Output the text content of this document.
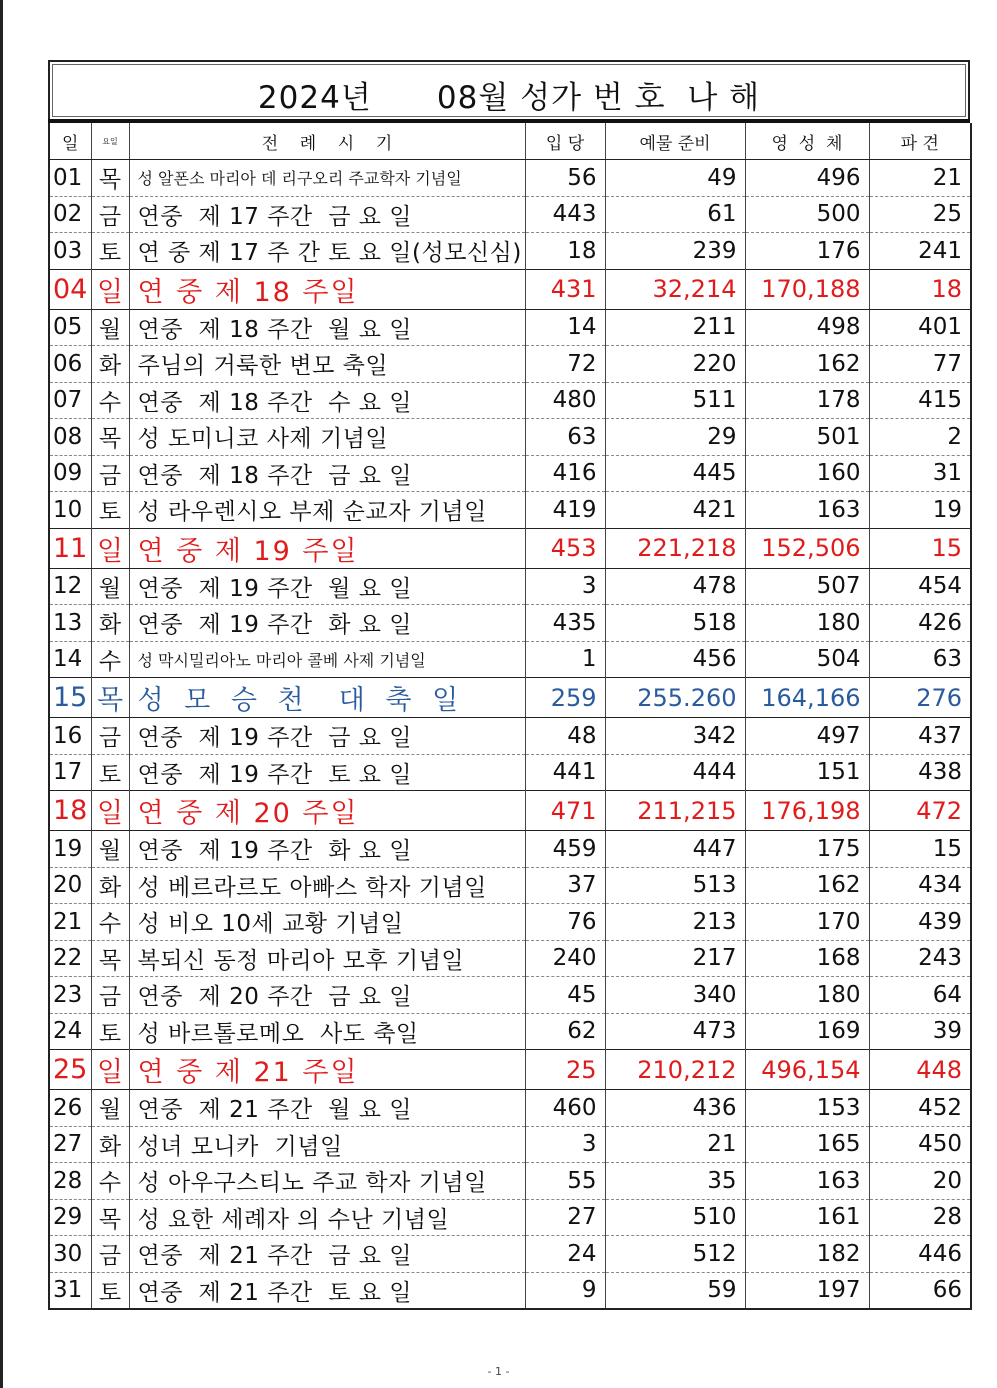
2024년      08월 성가 번 호  나 해
일	요일	전    례    시    기	입 당	예물 준비	영  성  체	파 견
01	목	성 알폰소 마리아 데 리구오리 주교학자 기념일	56	49	496	21
02	금	연중  제 17 주간  금 요 일	443	61	500	25
03	토	연 중 제 17 주 간 토 요 일(성모신심)	18	239	176	241
04	일	연 중 제 18 주일	431	32,214	170,188	18
05	월	연중  제 18 주간  월 요 일	14	211	498	401
06	화	주님의 거룩한 변모 축일	72	220	162	77
07	수	연중  제 18 주간  수 요 일	480	511	178	415
08	목	성 도미니코 사제 기념일	63	29	501	2
09	금	연중  제 18 주간  금 요 일	416	445	160	31
10	토	성 라우렌시오 부제 순교자 기념일	419	421	163	19
11	일	연 중 제 19 주일	453	221,218	152,506	15
12	월	연중  제 19 주간  월 요 일	3	478	507	454
13	화	연중  제 19 주간  화 요 일	435	518	180	426
14	수	성 막시밀리아노 마리아 콜베 사제 기념일	1	456	504	63
15	목	성 모 승 천  대 축 일	259	255.260	164,166	276
16	금	연중  제 19 주간  금 요 일	48	342	497	437
17	토	연중  제 19 주간  토 요 일	441	444	151	438
18	일	연 중 제 20 주일	471	211,215	176,198	472
19	월	연중  제 19 주간  화 요 일	459	447	175	15
20	화	성 베르라르도 아빠스 학자 기념일	37	513	162	434
21	수	성 비오 10세 교황 기념일	76	213	170	439
22	목	복되신 동정 마리아 모후 기념일	240	217	168	243
23	금	연중  제 20 주간  금 요 일	45	340	180	64
24	토	성 바르톨로메오  사도 축일	62	473	169	39
25	일	연 중 제 21 주일	25	210,212	496,154	448
26	월	연중  제 21 주간  월 요 일	460	436	153	452
27	화	성녀 모니카  기념일	3	21	165	450
28	수	성 아우구스티노 주교 학자 기념일	55	35	163	20
29	목	성 요한 세례자 의 수난 기념일	27	510	161	28
30	금	연중  제 21 주간  금 요 일	24	512	182	446
31	토	연중  제 21 주간  토 요 일	9	59	197	66
- 1 -
